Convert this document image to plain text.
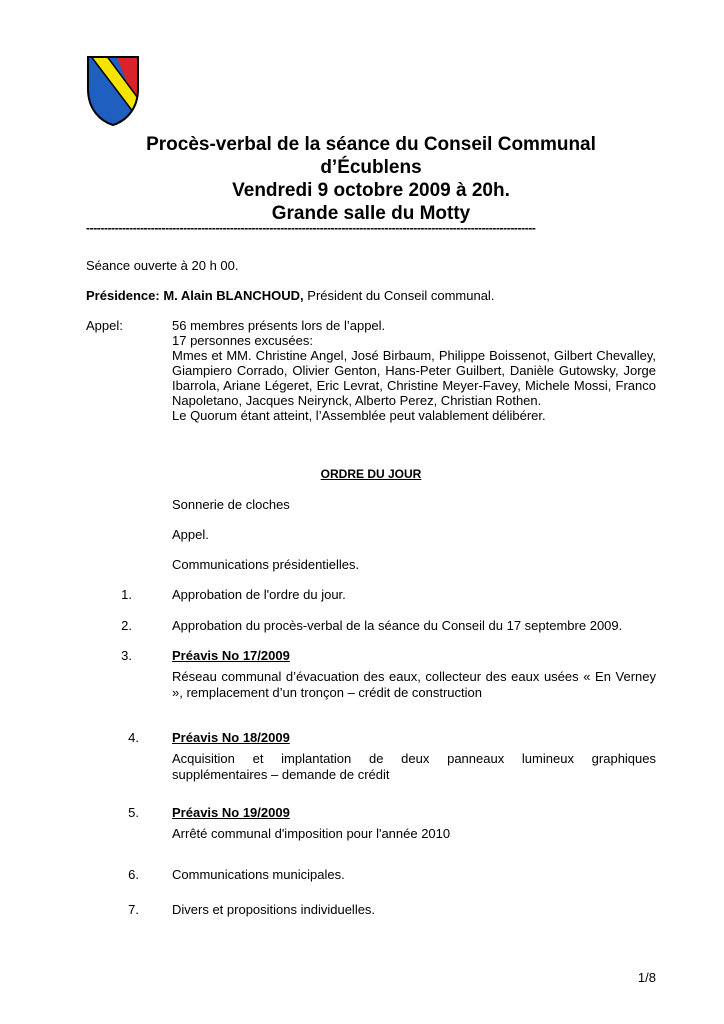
Procès-verbal de la séance du Conseil Communal
d’Écublens
Vendredi 9 octobre 2009 à 20h.
Grande salle du Motty
-----------------------------------------------------------------------------------------------------------------------------
Séance ouverte à 20 h 00.
Présidence: M. Alain BLANCHOUD, Président du Conseil communal.
Appel:	56 membres présents lors de l’appel.
17 personnes excusées:
Mmes et MM. Christine Angel, José Birbaum, Philippe Boissenot, Gilbert Chevalley, Giampiero Corrado, Olivier Genton, Hans-Peter Guilbert, Danièle Gutowsky, Jorge Ibarrola, Ariane Légeret, Eric Levrat, Christine Meyer-Favey, Michele Mossi, Franco Napoletano, Jacques Neirynck, Alberto Perez, Christian Rothen.
Le Quorum étant atteint, l’Assemblée peut valablement délibérer.
ORDRE DU JOUR
Sonnerie de cloches
Appel.
Communications présidentielles.
1.	Approbation de l'ordre du jour.
2.	Approbation du procès-verbal de la séance du Conseil du 17 septembre 2009.
3.	Préavis No 17/2009
Réseau communal d’évacuation des eaux, collecteur des eaux usées « En Verney », remplacement d’un tronçon – crédit de construction
4.	Préavis No 18/2009
Acquisition et implantation de deux panneaux lumineux graphiques supplémentaires – demande de crédit
5.	Préavis No 19/2009
Arrêté communal d'imposition pour l'année 2010
6.	Communications municipales.
7.	Divers et propositions individuelles.
1/8
